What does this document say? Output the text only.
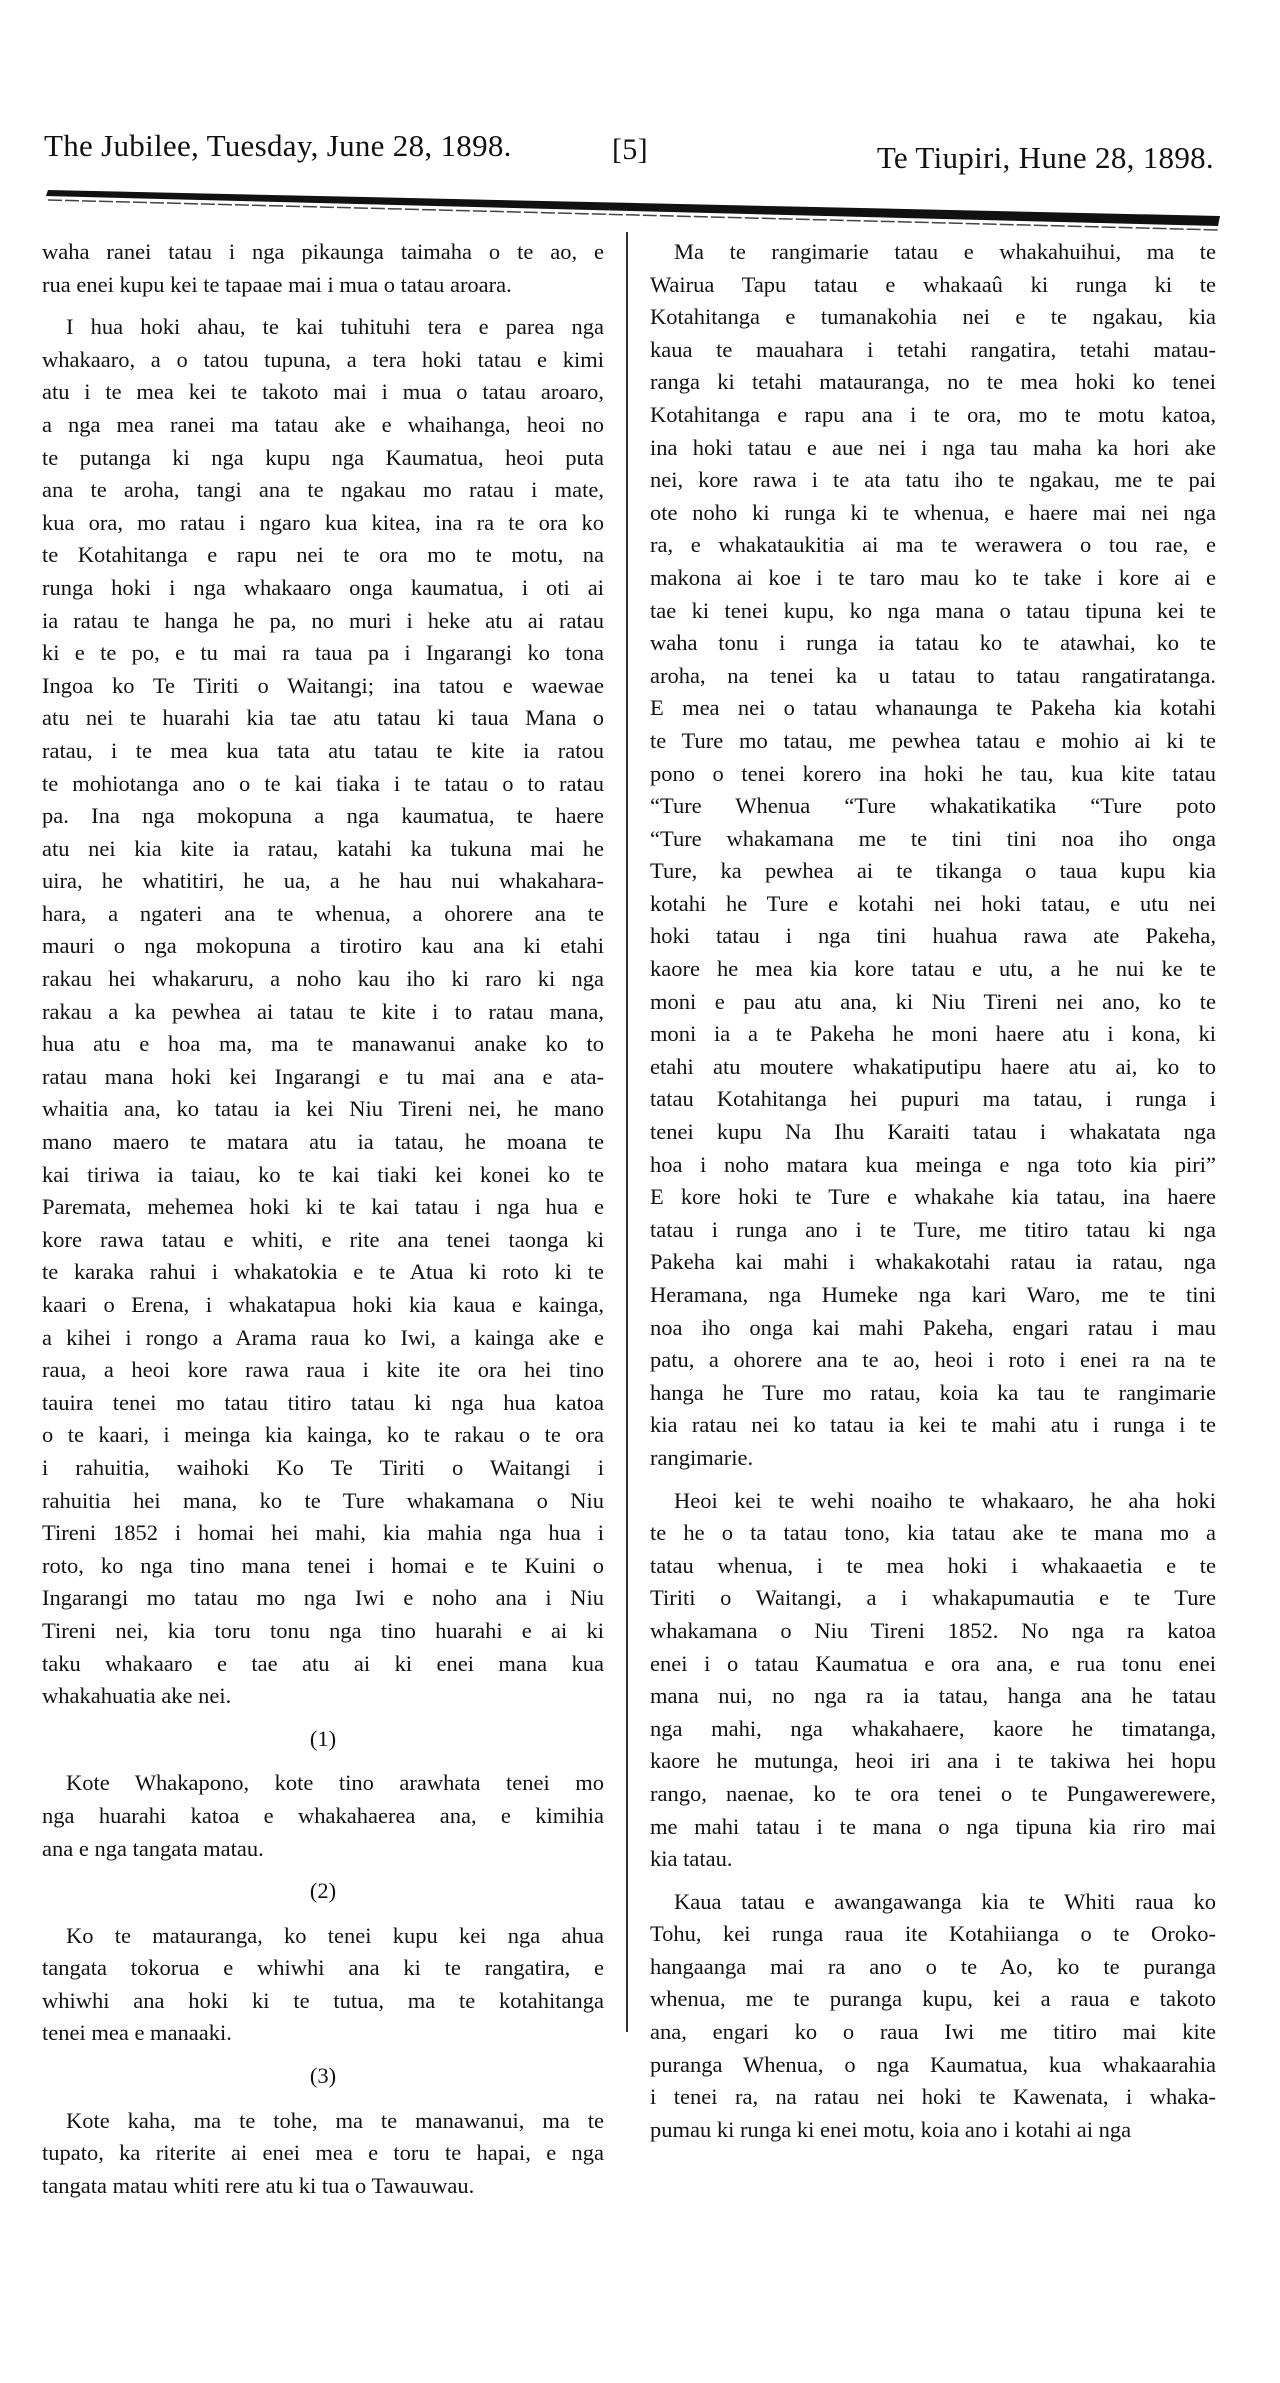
The Jubilee, Tuesday, June 28, 1898.	[5]	Te Tiupiri, Hune 28, 1898.
waha ranei tatau i nga pikaunga taimaha o te ao, e
rua enei kupu kei te tapaae mai i mua o tatau aroara.
I hua hoki ahau, te kai tuhituhi tera e parea nga
whakaaro, a o tatou tupuna, a tera hoki tatau e kimi
atu i te mea kei te takoto mai i mua o tatau aroaro,
a nga mea ranei ma tatau ake e whaihanga, heoi no
te putanga ki nga kupu nga Kaumatua, heoi puta
ana te aroha, tangi ana te ngakau mo ratau i mate,
kua ora, mo ratau i ngaro kua kitea, ina ra te ora ko
te Kotahitanga e rapu nei te ora mo te motu, na
runga hoki i nga whakaaro onga kaumatua, i oti ai
ia ratau te hanga he pa, no muri i heke atu ai ratau
ki e te po, e tu mai ra taua pa i Ingarangi ko tona
Ingoa ko Te Tiriti o Waitangi; ina tatou e waewae
atu nei te huarahi kia tae atu tatau ki taua Mana o
ratau, i te mea kua tata atu tatau te kite ia ratou
te mohiotanga ano o te kai tiaka i te tatau o to ratau
pa. Ina nga mokopuna a nga kaumatua, te haere
atu nei kia kite ia ratau, katahi ka tukuna mai he
uira, he whatitiri, he ua, a he hau nui whakahara-
hara, a ngateri ana te whenua, a ohorere ana te
mauri o nga mokopuna a tirotiro kau ana ki etahi
rakau hei whakaruru, a noho kau iho ki raro ki nga
rakau a ka pewhea ai tatau te kite i to ratau mana,
hua atu e hoa ma, ma te manawanui anake ko to
ratau mana hoki kei Ingarangi e tu mai ana e ata-
whaitia ana, ko tatau ia kei Niu Tireni nei, he mano
mano maero te matara atu ia tatau, he moana te
kai tiriwa ia taiau, ko te kai tiaki kei konei ko te
Paremata, mehemea hoki ki te kai tatau i nga hua e
kore rawa tatau e whiti, e rite ana tenei taonga ki
te karaka rahui i whakatokia e te Atua ki roto ki te
kaari o Erena, i whakatapua hoki kia kaua e kainga,
a kihei i rongo a Arama raua ko Iwi, a kainga ake e
raua, a heoi kore rawa raua i kite ite ora hei tino
tauira tenei mo tatau titiro tatau ki nga hua katoa
o te kaari, i meinga kia kainga, ko te rakau o te ora
i rahuitia, waihoki Ko Te Tiriti o Waitangi i
rahuitia hei mana, ko te Ture whakamana o Niu
Tireni 1852 i homai hei mahi, kia mahia nga hua i
roto, ko nga tino mana tenei i homai e te Kuini o
Ingarangi mo tatau mo nga Iwi e noho ana i Niu
Tireni nei, kia toru tonu nga tino huarahi e ai ki
taku whakaaro e tae atu ai ki enei mana kua
whakahuatia ake nei.
(1)
Kote Whakapono, kote tino arawhata tenei mo
nga huarahi katoa e whakahaerea ana, e kimihia
ana e nga tangata matau.
(2)
Ko te matauranga, ko tenei kupu kei nga ahua
tangata tokorua e whiwhi ana ki te rangatira, e
whiwhi ana hoki ki te tutua, ma te kotahitanga
tenei mea e manaaki.
(3)
Kote kaha, ma te tohe, ma te manawanui, ma te
tupato, ka riterite ai enei mea e toru te hapai, e nga
tangata matau whiti rere atu ki tua o Tawauwau.
Ma te rangimarie tatau e whakahuihui, ma te
Wairua Tapu tatau e whakaaû ki runga ki te
Kotahitanga e tumanakohia nei e te ngakau, kia
kaua te mauahara i tetahi rangatira, tetahi matau-
ranga ki tetahi matauranga, no te mea hoki ko tenei
Kotahitanga e rapu ana i te ora, mo te motu katoa,
ina hoki tatau e aue nei i nga tau maha ka hori ake
nei, kore rawa i te ata tatu iho te ngakau, me te pai
ote noho ki runga ki te whenua, e haere mai nei nga
ra, e whakataukitia ai ma te werawera o tou rae, e
makona ai koe i te taro mau ko te take i kore ai e
tae ki tenei kupu, ko nga mana o tatau tipuna kei te
waha tonu i runga ia tatau ko te atawhai, ko te
aroha, na tenei ka u tatau to tatau rangatiratanga.
E mea nei o tatau whanaunga te Pakeha kia kotahi
te Ture mo tatau, me pewhea tatau e mohio ai ki te
pono o tenei korero ina hoki he tau, kua kite tatau
“Ture Whenua “Ture whakatikatika “Ture poto
“Ture whakamana me te tini tini noa iho onga
Ture, ka pewhea ai te tikanga o taua kupu kia
kotahi he Ture e kotahi nei hoki tatau, e utu nei
hoki tatau i nga tini huahua rawa ate Pakeha,
kaore he mea kia kore tatau e utu, a he nui ke te
moni e pau atu ana, ki Niu Tireni nei ano, ko te
moni ia a te Pakeha he moni haere atu i kona, ki
etahi atu moutere whakatiputipu haere atu ai, ko to
tatau Kotahitanga hei pupuri ma tatau, i runga i
tenei kupu Na Ihu Karaiti tatau i whakatata nga
hoa i noho matara kua meinga e nga toto kia piri”
E kore hoki te Ture e whakahe kia tatau, ina haere
tatau i runga ano i te Ture, me titiro tatau ki nga
Pakeha kai mahi i whakakotahi ratau ia ratau, nga
Heramana, nga Humeke nga kari Waro, me te tini
noa iho onga kai mahi Pakeha, engari ratau i mau
patu, a ohorere ana te ao, heoi i roto i enei ra na te
hanga he Ture mo ratau, koia ka tau te rangimarie
kia ratau nei ko tatau ia kei te mahi atu i runga i te
rangimarie.
Heoi kei te wehi noaiho te whakaaro, he aha hoki
te he o ta tatau tono, kia tatau ake te mana mo a
tatau whenua, i te mea hoki i whakaaetia e te
Tiriti o Waitangi, a i whakapumautia e te Ture
whakamana o Niu Tireni 1852. No nga ra katoa
enei i o tatau Kaumatua e ora ana, e rua tonu enei
mana nui, no nga ra ia tatau, hanga ana he tatau
nga mahi, nga whakahaere, kaore he timatanga,
kaore he mutunga, heoi iri ana i te takiwa hei hopu
rango, naenae, ko te ora tenei o te Pungawerewere,
me mahi tatau i te mana o nga tipuna kia riro mai
kia tatau.
Kaua tatau e awangawanga kia te Whiti raua ko
Tohu, kei runga raua ite Kotahiianga o te Oroko-
hangaanga mai ra ano o te Ao, ko te puranga
whenua, me te puranga kupu, kei a raua e takoto
ana, engari ko o raua Iwi me titiro mai kite
puranga Whenua, o nga Kaumatua, kua whakaarahia
i tenei ra, na ratau nei hoki te Kawenata, i whaka-
pumau ki runga ki enei motu, koia ano i kotahi ai nga
